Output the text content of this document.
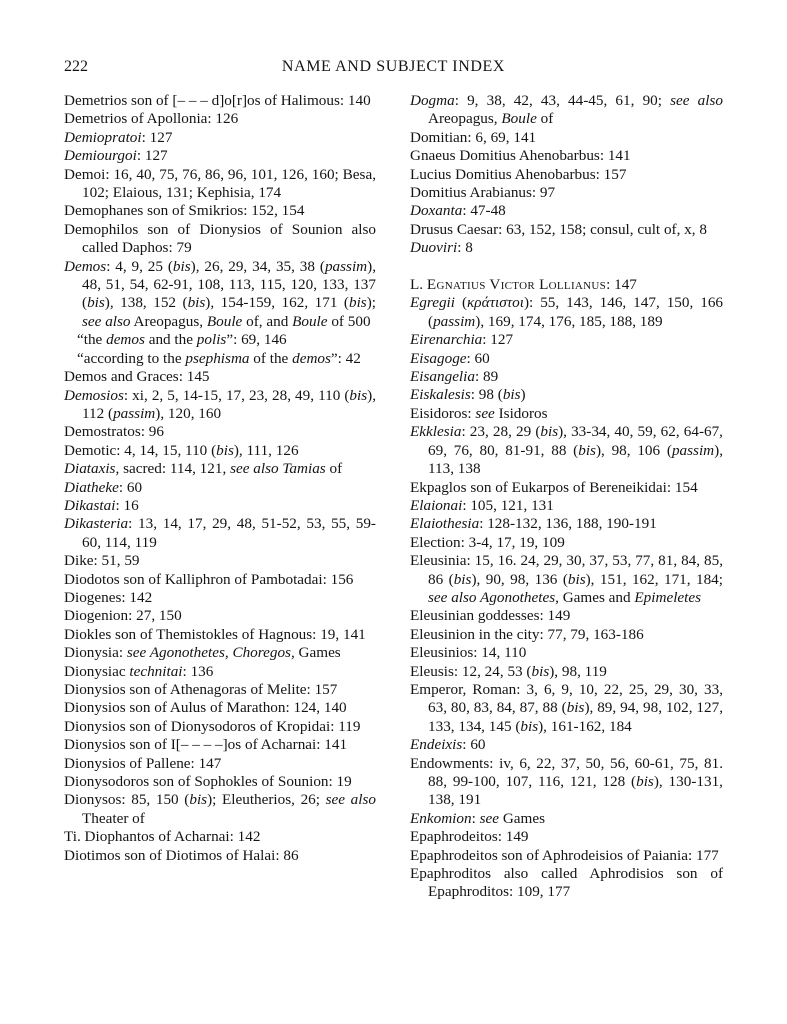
222	NAME AND SUBJECT INDEX
Demetrios son of [– – – d]o[r]os of Halimous: 140
Demetrios of Apollonia: 126
Demiopratoi: 127
Demiourgoi: 127
Demoi: 16, 40, 75, 76, 86, 96, 101, 126, 160; Besa, 102; Elaious, 131; Kephisia, 174
Demophanes son of Smikrios: 152, 154
Demophilos son of Dionysios of Sounion also called Daphos: 79
Demos: 4, 9, 25 (bis), 26, 29, 34, 35, 38 (passim), 48, 51, 54, 62-91, 108, 113, 115, 120, 133, 137 (bis), 138, 152 (bis), 154-159, 162, 171 (bis); see also Areopagus, Boule of, and Boule of 500
“the demos and the polis”: 69, 146
“according to the psephisma of the demos”: 42
Demos and Graces: 145
Demosios: xi, 2, 5, 14-15, 17, 23, 28, 49, 110 (bis), 112 (passim), 120, 160
Demostratos: 96
Demotic: 4, 14, 15, 110 (bis), 111, 126
Diataxis, sacred: 114, 121, see also Tamias of
Diatheke: 60
Dikastai: 16
Dikasteria: 13, 14, 17, 29, 48, 51-52, 53, 55, 59-60, 114, 119
Dike: 51, 59
Diodotos son of Kalliphron of Pambotadai: 156
Diogenes: 142
Diogenion: 27, 150
Diokles son of Themistokles of Hagnous: 19, 141
Dionysia: see Agonothetes, Choregos, Games
Dionysiac technitai: 136
Dionysios son of Athenagoras of Melite: 157
Dionysios son of Aulus of Marathon: 124, 140
Dionysios son of Dionysodoros of Kropidai: 119
Dionysios son of I[– – – –]os of Acharnai: 141
Dionysios of Pallene: 147
Dionysodoros son of Sophokles of Sounion: 19
Dionysos: 85, 150 (bis); Eleutherios, 26; see also Theater of
Ti. Diophantos of Acharnai: 142
Diotimos son of Diotimos of Halai: 86
Dogma: 9, 38, 42, 43, 44-45, 61, 90; see also Areopagus, Boule of
Domitian: 6, 69, 141
Gnaeus Domitius Ahenobarbus: 141
Lucius Domitius Ahenobarbus: 157
Domitius Arabianus: 97
Doxanta: 47-48
Drusus Caesar: 63, 152, 158; consul, cult of, x, 8
Duoviri: 8
L. Egnatius Victor Lollianus: 147
Egregii (κράτιστοι): 55, 143, 146, 147, 150, 166 (passim), 169, 174, 176, 185, 188, 189
Eirenarchia: 127
Eisagoge: 60
Eisangelia: 89
Eiskalesis: 98 (bis)
Eisidoros: see Isidoros
Ekklesia: 23, 28, 29 (bis), 33-34, 40, 59, 62, 64-67, 69, 76, 80, 81-91, 88 (bis), 98, 106 (passim), 113, 138
Ekpaglos son of Eukarpos of Bereneikidai: 154
Elaionai: 105, 121, 131
Elaiothesia: 128-132, 136, 188, 190-191
Election: 3-4, 17, 19, 109
Eleusinia: 15, 16. 24, 29, 30, 37, 53, 77, 81, 84, 85, 86 (bis), 90, 98, 136 (bis), 151, 162, 171, 184; see also Agonothetes, Games and Epimeletes
Eleusinian goddesses: 149
Eleusinion in the city: 77, 79, 163-186
Eleusinios: 14, 110
Eleusis: 12, 24, 53 (bis), 98, 119
Emperor, Roman: 3, 6, 9, 10, 22, 25, 29, 30, 33, 63, 80, 83, 84, 87, 88 (bis), 89, 94, 98, 102, 127, 133, 134, 145 (bis), 161-162, 184
Endeixis: 60
Endowments: iv, 6, 22, 37, 50, 56, 60-61, 75, 81. 88, 99-100, 107, 116, 121, 128 (bis), 130-131, 138, 191
Enkomion: see Games
Epaphrodeitos: 149
Epaphrodeitos son of Aphrodeisios of Paiania: 177
Epaphroditos also called Aphrodisios son of Epaphroditos: 109, 177
